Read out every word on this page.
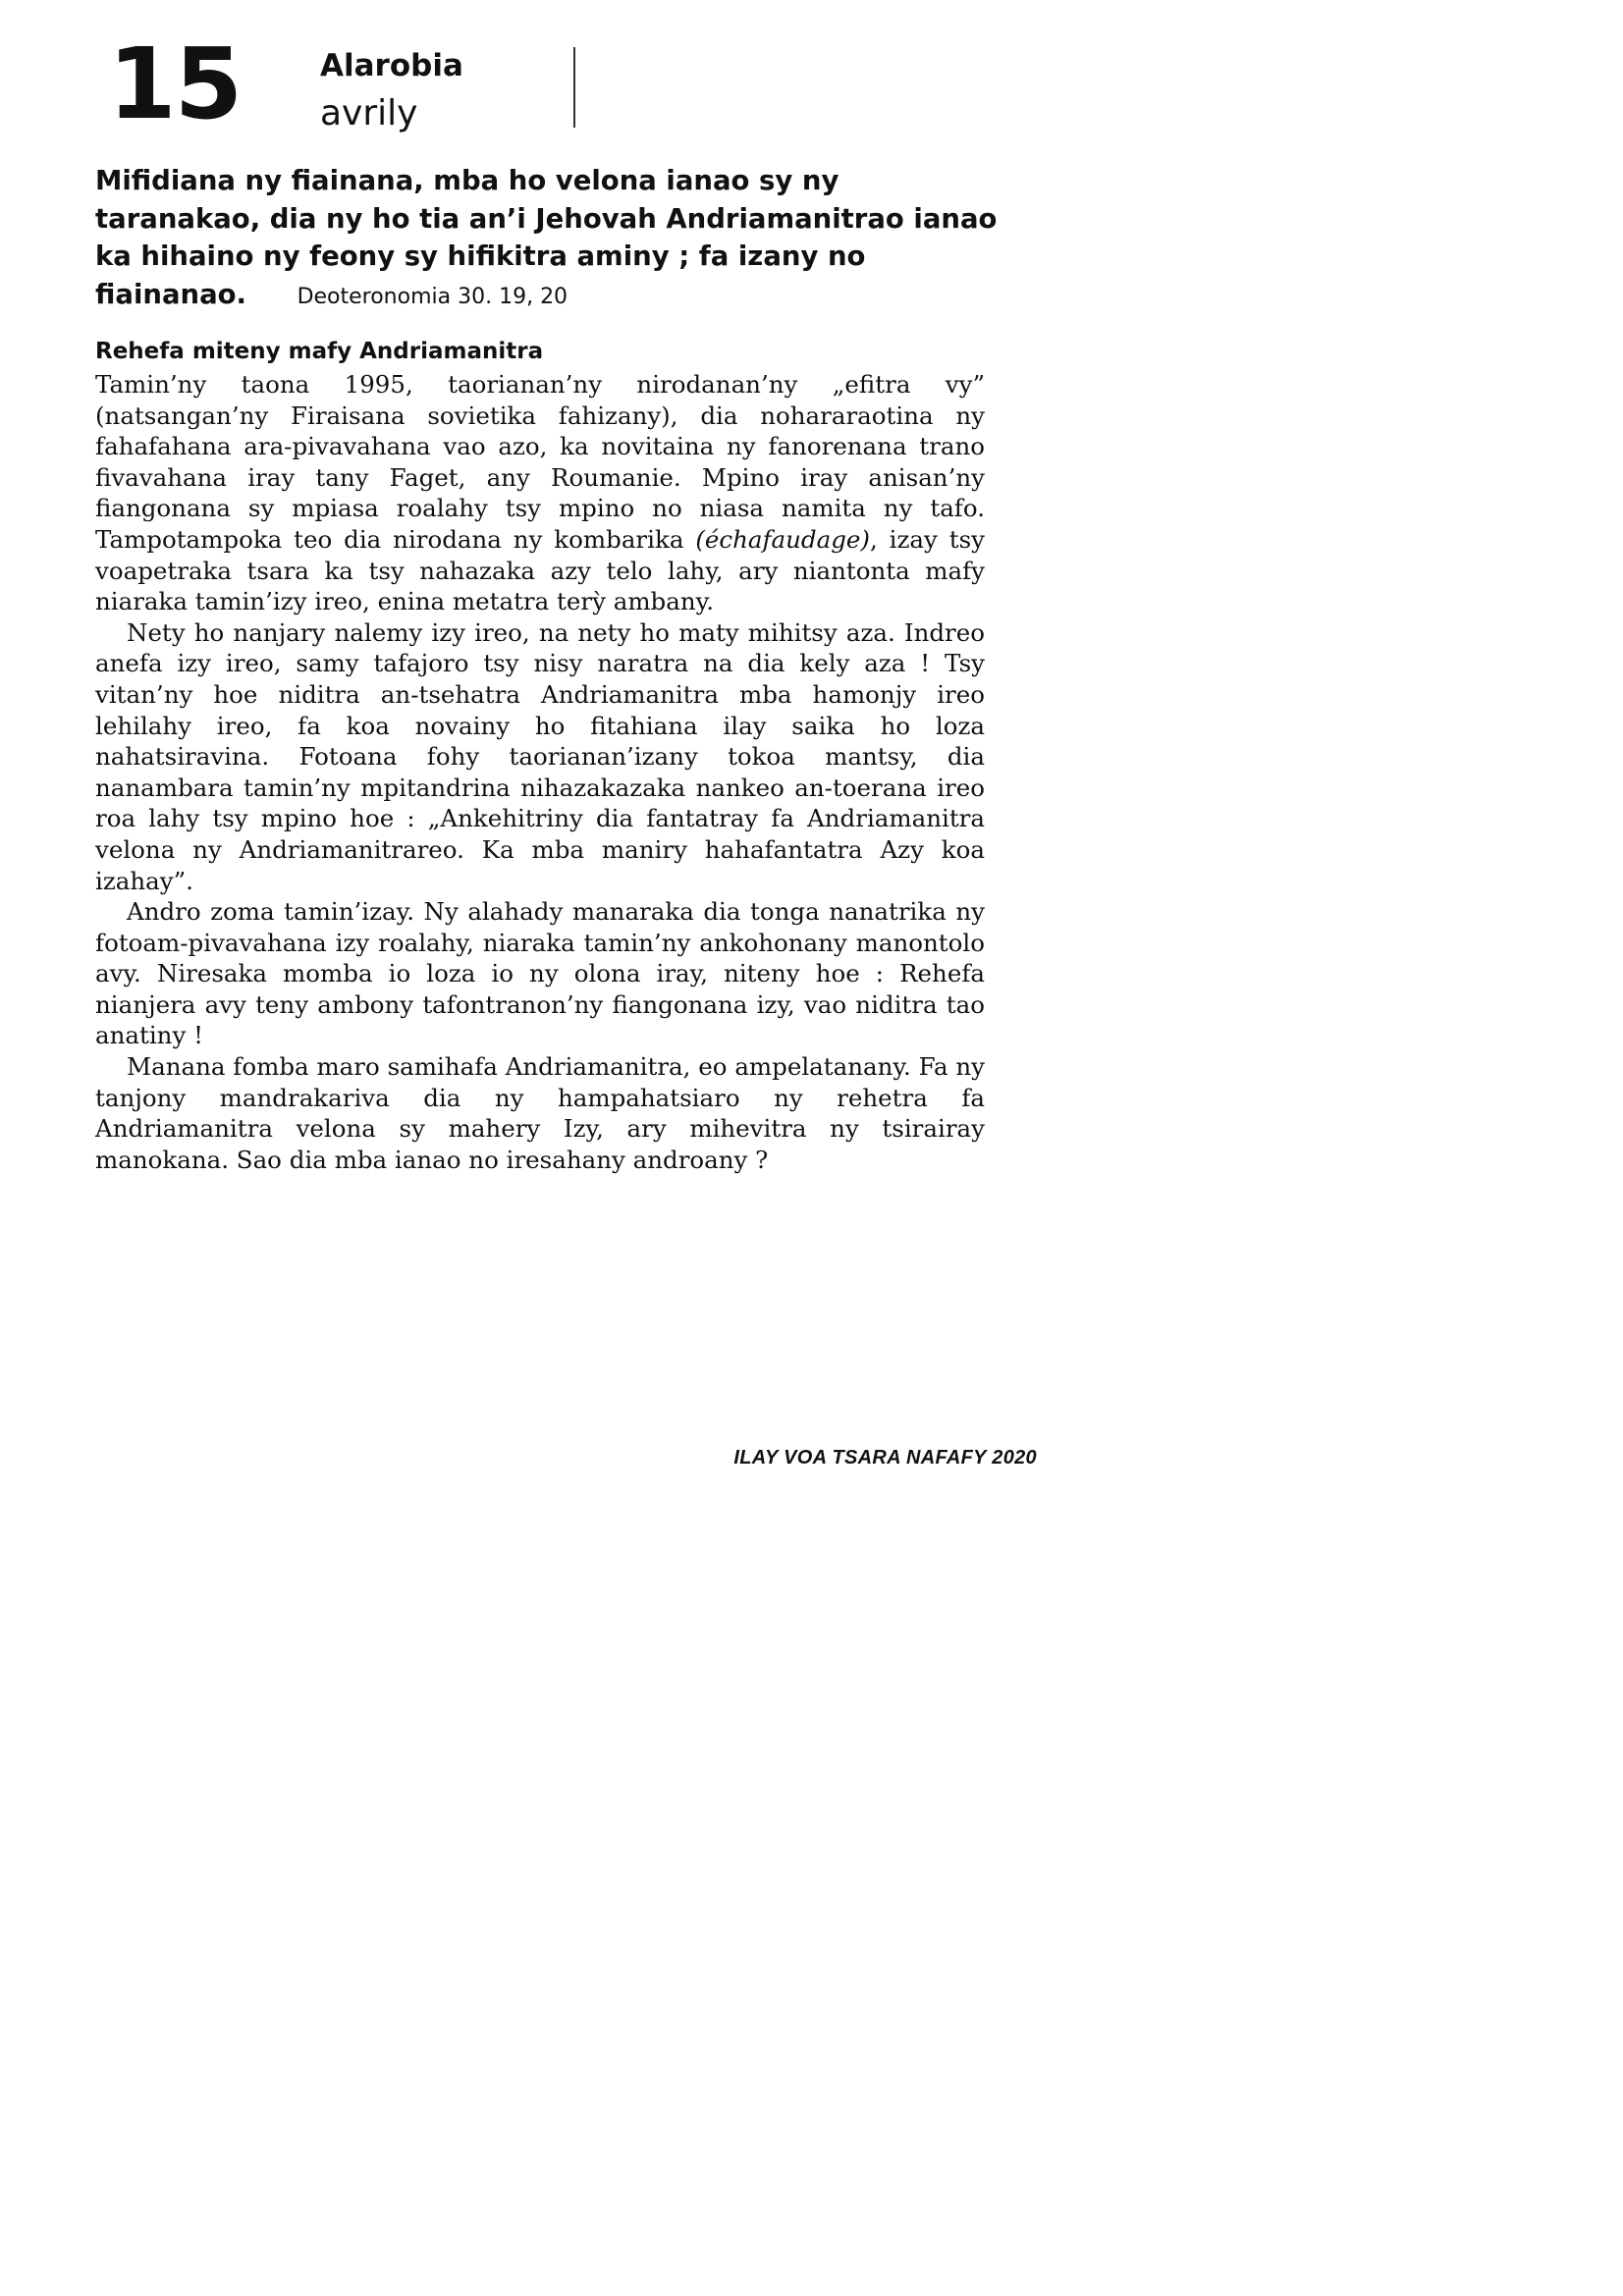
15	Alarobia
avrily

Mifidiana ny fiainana, mba ho velona ianao sy ny taranakao, dia ny ho tia an’i Jehovah Andriamanitrao ianao ka hihaino ny feony sy hifikitra aminy ; fa izany no fiainanao. Deoteronomia 30. 19, 20

Rehefa miteny mafy Andriamanitra

Tamin’ny taona 1995, taorianan’ny nirodanan’ny „efitra vy” (natsangan’ny Firaisana sovietika fahizany), dia nohararaotina ny fahafahana ara-pivavahana vao azo, ka novitaina ny fanorenana trano fivavahana iray tany Faget, any Roumanie. Mpino iray anisan’ny fiangonana sy mpiasa roalahy tsy mpino no niasa namita ny tafo. Tampotampoka teo dia nirodana ny kombarika (échafaudage), izay tsy voapetraka tsara ka tsy nahazaka azy telo lahy, ary niantonta mafy niaraka tamin’izy ireo, enina metatra terỳ ambany.

Nety ho nanjary nalemy izy ireo, na nety ho maty mihitsy aza. Indreo anefa izy ireo, samy tafajoro tsy nisy naratra na dia kely aza ! Tsy vitan’ny hoe niditra an-tsehatra Andriamanitra mba hamonjy ireo lehilahy ireo, fa koa novainy ho fitahiana ilay saika ho loza nahatsiravina. Fotoana fohy taorianan’izany tokoa mantsy, dia nanambara tamin’ny mpitandrina nihazakazaka nankeo an-toerana ireo roa lahy tsy mpino hoe : „Ankehitriny dia fantatray fa Andriamanitra velona ny Andriamanitrareo. Ka mba maniry hahafantatra Azy koa izahay”.

Andro zoma tamin’izay. Ny alahady manaraka dia tonga nanatrika ny fotoam-pivavahana izy roalahy, niaraka tamin’ny ankohonany manontolo avy. Niresaka momba io loza io ny olona iray, niteny hoe : Rehefa nianjera avy teny ambony tafontranon’ny fiangonana izy, vao niditra tao anatiny !

Manana fomba maro samihafa Andriamanitra, eo ampelatanany. Fa ny tanjony mandrakariva dia ny hampahatsiaro ny rehetra fa Andriamanitra velona sy mahery Izy, ary mihevitra ny tsirairay manokana. Sao dia mba ianao no iresahany androany ?

ILAY VOA TSARA NAFAFY 2020
